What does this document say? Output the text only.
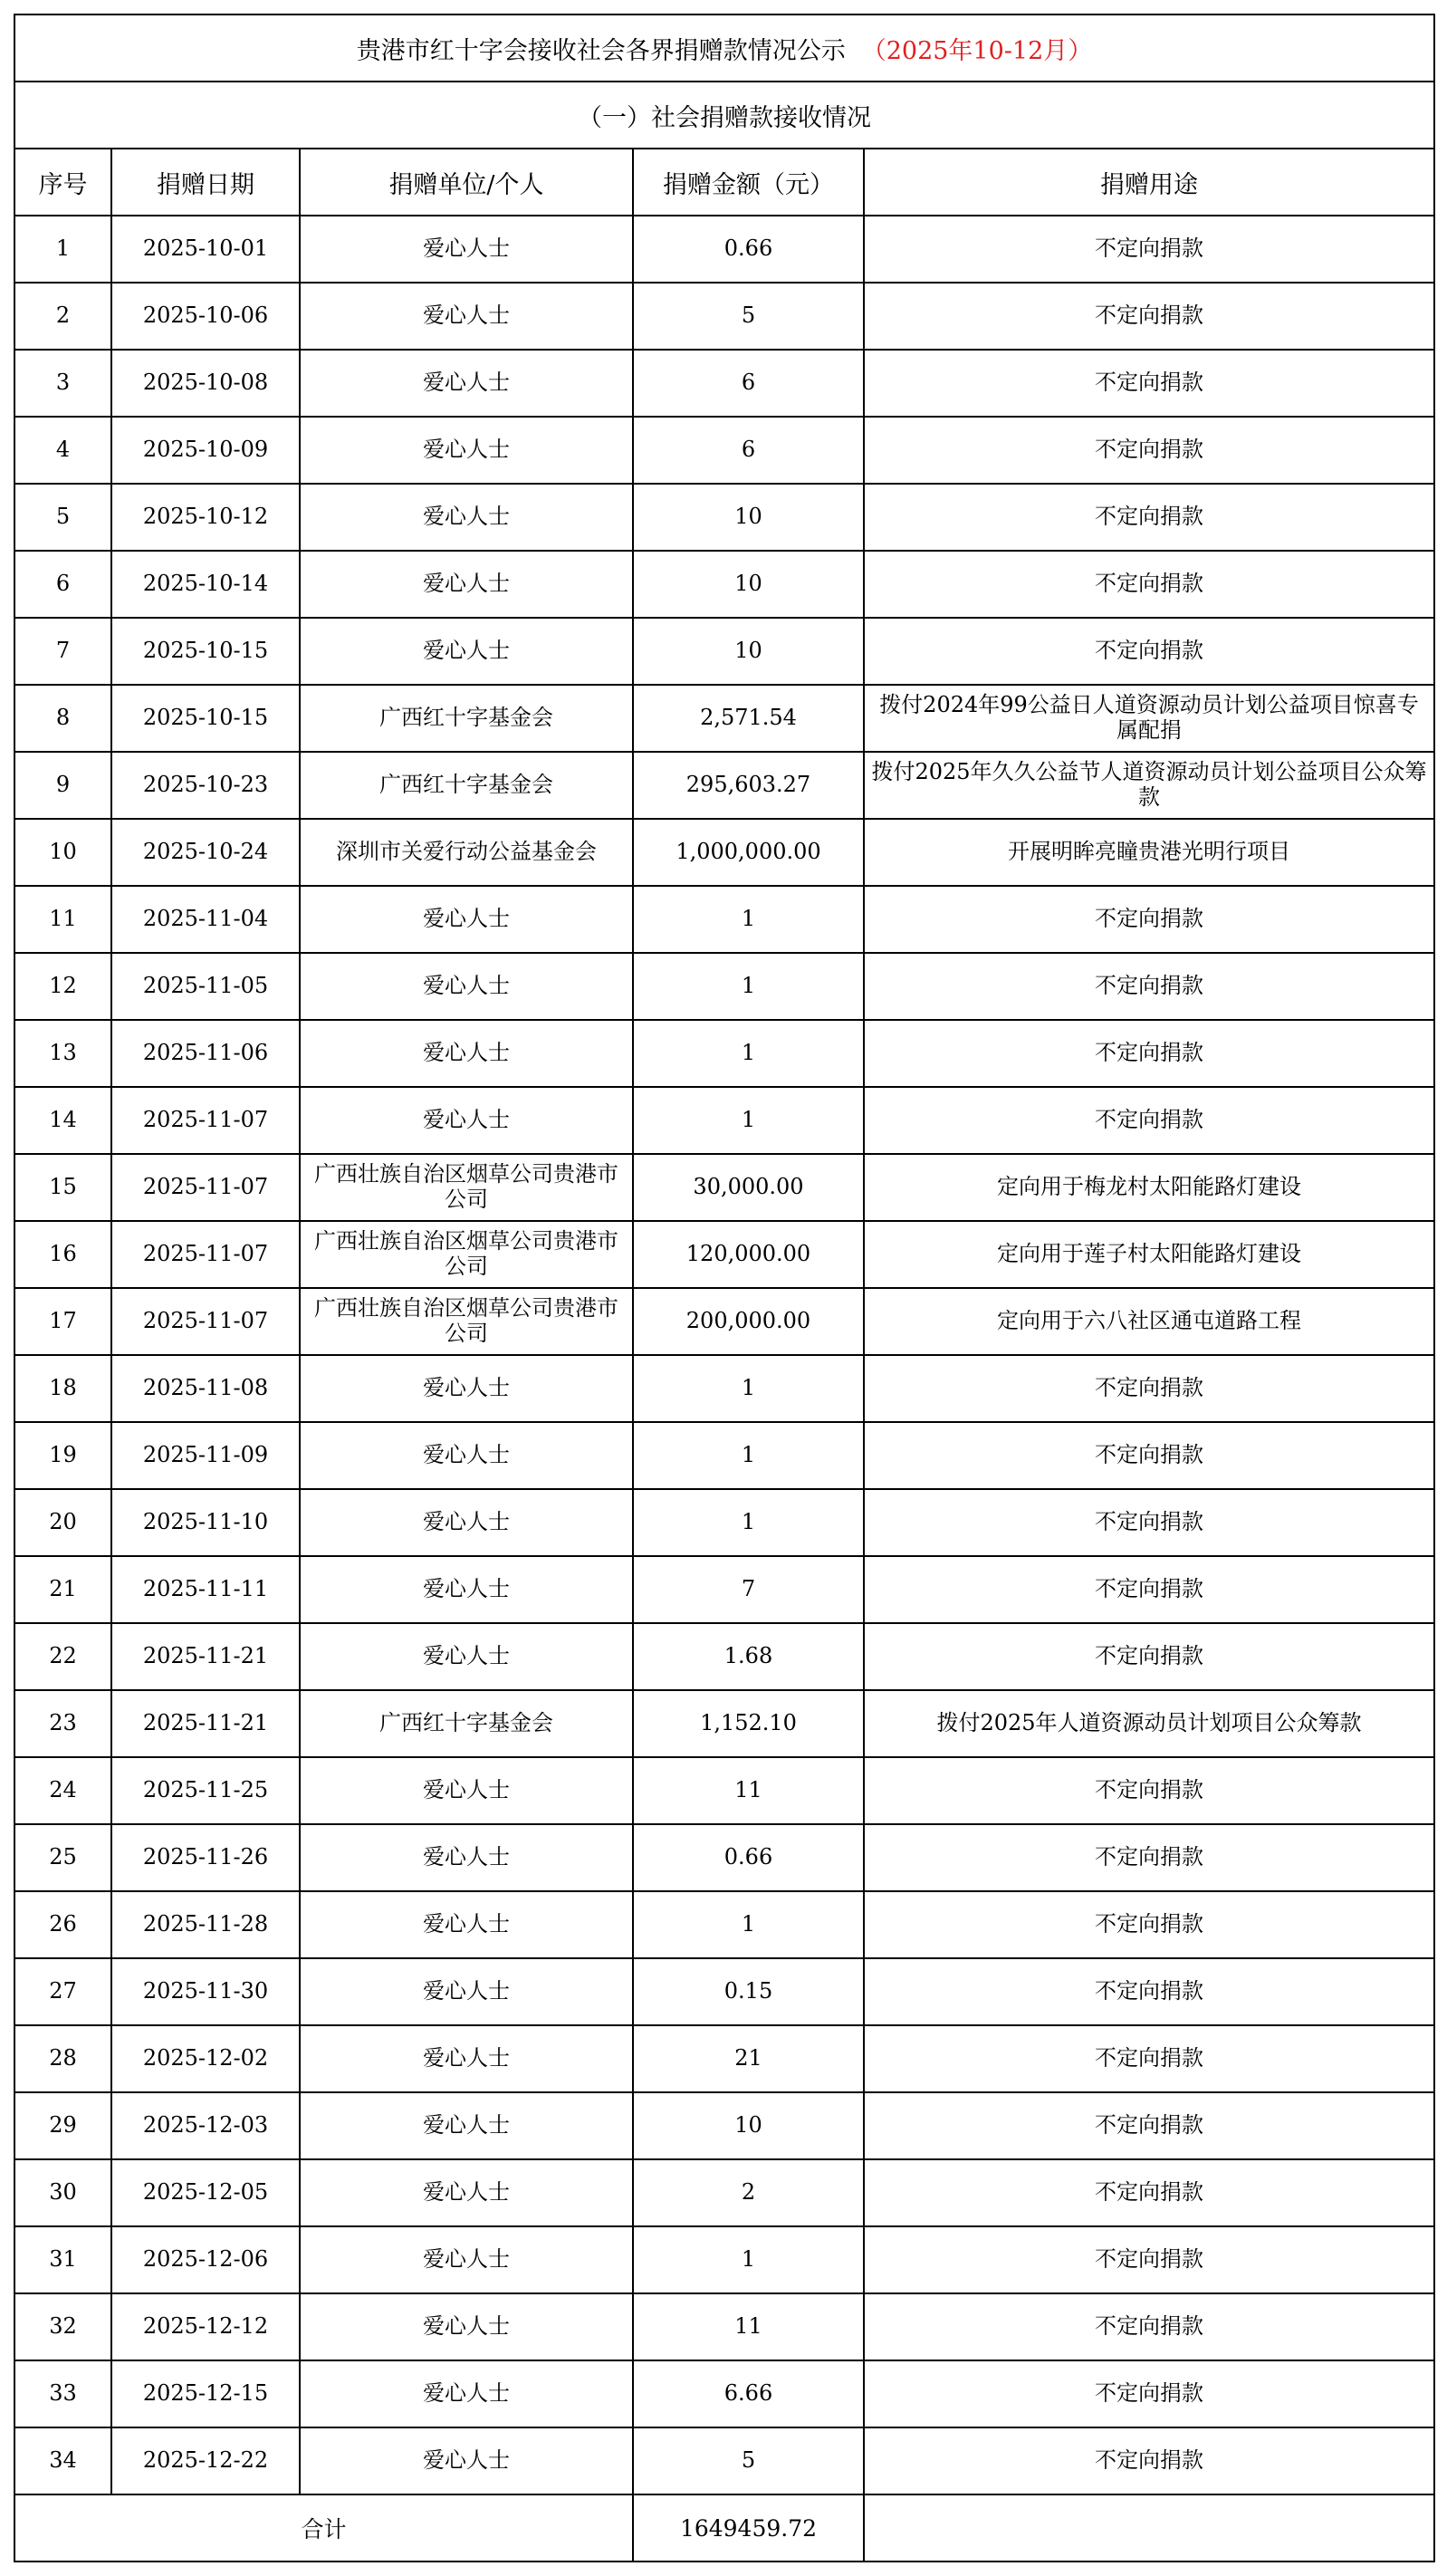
贵港市红十字会接收社会各界捐赠款情况公示 （2025年10-12月）				
（一）社会捐赠款接收情况				
序号	捐赠日期	捐赠单位/个人	捐赠金额（元）	捐赠用途
1	2025-10-01	爱心人士	0.66	不定向捐款
2	2025-10-06	爱心人士	5	不定向捐款
3	2025-10-08	爱心人士	6	不定向捐款
4	2025-10-09	爱心人士	6	不定向捐款
5	2025-10-12	爱心人士	10	不定向捐款
6	2025-10-14	爱心人士	10	不定向捐款
7	2025-10-15	爱心人士	10	不定向捐款
8	2025-10-15	广西红十字基金会	2,571.54	拨付2024年99公益日人道资源动员计划公益项目惊喜专属配捐
9	2025-10-23	广西红十字基金会	295,603.27	拨付2025年久久公益节人道资源动员计划公益项目公众筹款
10	2025-10-24	深圳市关爱行动公益基金会	1,000,000.00	开展明眸亮瞳贵港光明行项目
11	2025-11-04	爱心人士	1	不定向捐款
12	2025-11-05	爱心人士	1	不定向捐款
13	2025-11-06	爱心人士	1	不定向捐款
14	2025-11-07	爱心人士	1	不定向捐款
15	2025-11-07	广西壮族自治区烟草公司贵港市公司	30,000.00	定向用于梅龙村太阳能路灯建设
16	2025-11-07	广西壮族自治区烟草公司贵港市公司	120,000.00	定向用于莲子村太阳能路灯建设
17	2025-11-07	广西壮族自治区烟草公司贵港市公司	200,000.00	定向用于六八社区通屯道路工程
18	2025-11-08	爱心人士	1	不定向捐款
19	2025-11-09	爱心人士	1	不定向捐款
20	2025-11-10	爱心人士	1	不定向捐款
21	2025-11-11	爱心人士	7	不定向捐款
22	2025-11-21	爱心人士	1.68	不定向捐款
23	2025-11-21	广西红十字基金会	1,152.10	拨付2025年人道资源动员计划项目公众筹款
24	2025-11-25	爱心人士	11	不定向捐款
25	2025-11-26	爱心人士	0.66	不定向捐款
26	2025-11-28	爱心人士	1	不定向捐款
27	2025-11-30	爱心人士	0.15	不定向捐款
28	2025-12-02	爱心人士	21	不定向捐款
29	2025-12-03	爱心人士	10	不定向捐款
30	2025-12-05	爱心人士	2	不定向捐款
31	2025-12-06	爱心人士	1	不定向捐款
32	2025-12-12	爱心人士	11	不定向捐款
33	2025-12-15	爱心人士	6.66	不定向捐款
34	2025-12-22	爱心人士	5	不定向捐款
合计			1649459.72	
